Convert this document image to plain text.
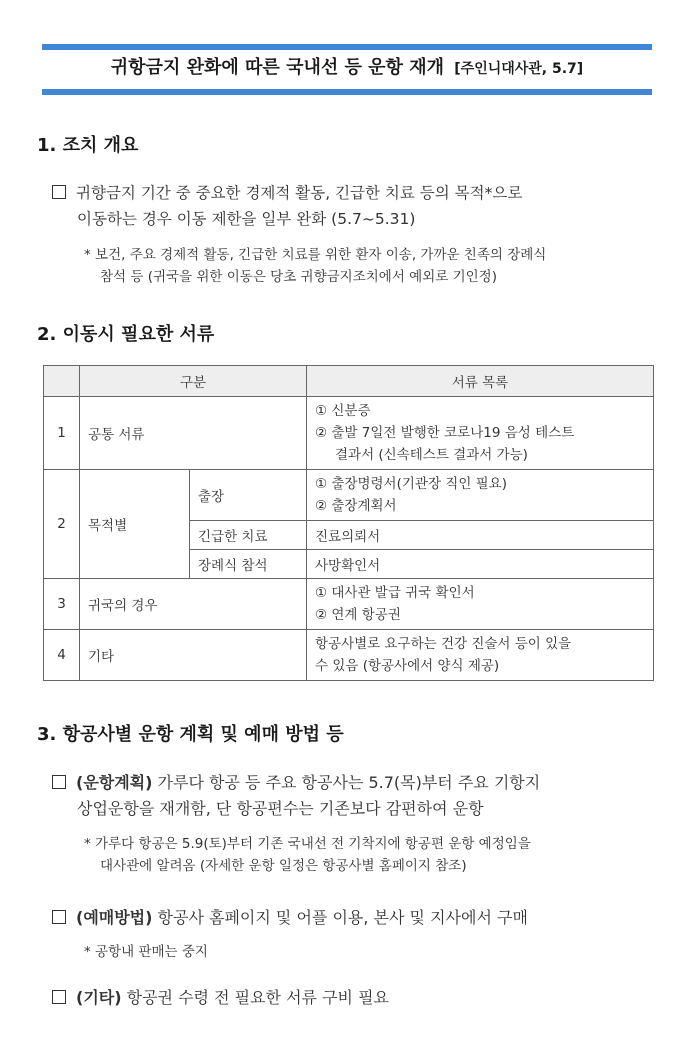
귀항금지 완화에 따른 국내선 등 운항 재개 [주인니대사관, 5.7]
1. 조치 개요
귀향금지 기간 중 중요한 경제적 활동, 긴급한 치료 등의 목적*으로
이동하는 경우 이동 제한을 일부 완화 (5.7~5.31)
* 보건, 주요 경제적 활동, 긴급한 치료를 위한 환자 이송, 가까운 친족의 장례식
참석 등 (귀국을 위한 이동은 당초 귀향금지조치에서 예외로 기인정)
2. 이동시 필요한 서류
	구분		서류 목록
1	공통 서류		① 신분증
② 출발 7일전 발행한 코로나19 음성 테스트
결과서 (신속테스트 결과서 가능)

2	목적별	출장	① 출장명령서(기관장 직인 필요)
② 출장계획서

		긴급한 치료	진료의뢰서
		장례식 참석	사망확인서
3	귀국의 경우		① 대사관 발급 귀국 확인서
② 연계 항공권

4	기타		항공사별로 요구하는 건강 진술서 등이 있을
수 있음 (항공사에서 양식 제공)
3. 항공사별 운항 계획 및 예매 방법 등
(운항계획) 가루다 항공 등 주요 항공사는 5.7(목)부터 주요 기항지
상업운항을 재개함, 단 항공편수는 기존보다 감편하여 운항
* 가루다 항공은 5.9(토)부터 기존 국내선 전 기착지에 항공편 운항 예정임을
대사관에 알려옴 (자세한 운항 일정은 항공사별 홈페이지 참조)
(예매방법) 항공사 홈페이지 및 어플 이용, 본사 및 지사에서 구매
* 공항내 판매는 중지
(기타) 항공권 수령 전 필요한 서류 구비 필요
